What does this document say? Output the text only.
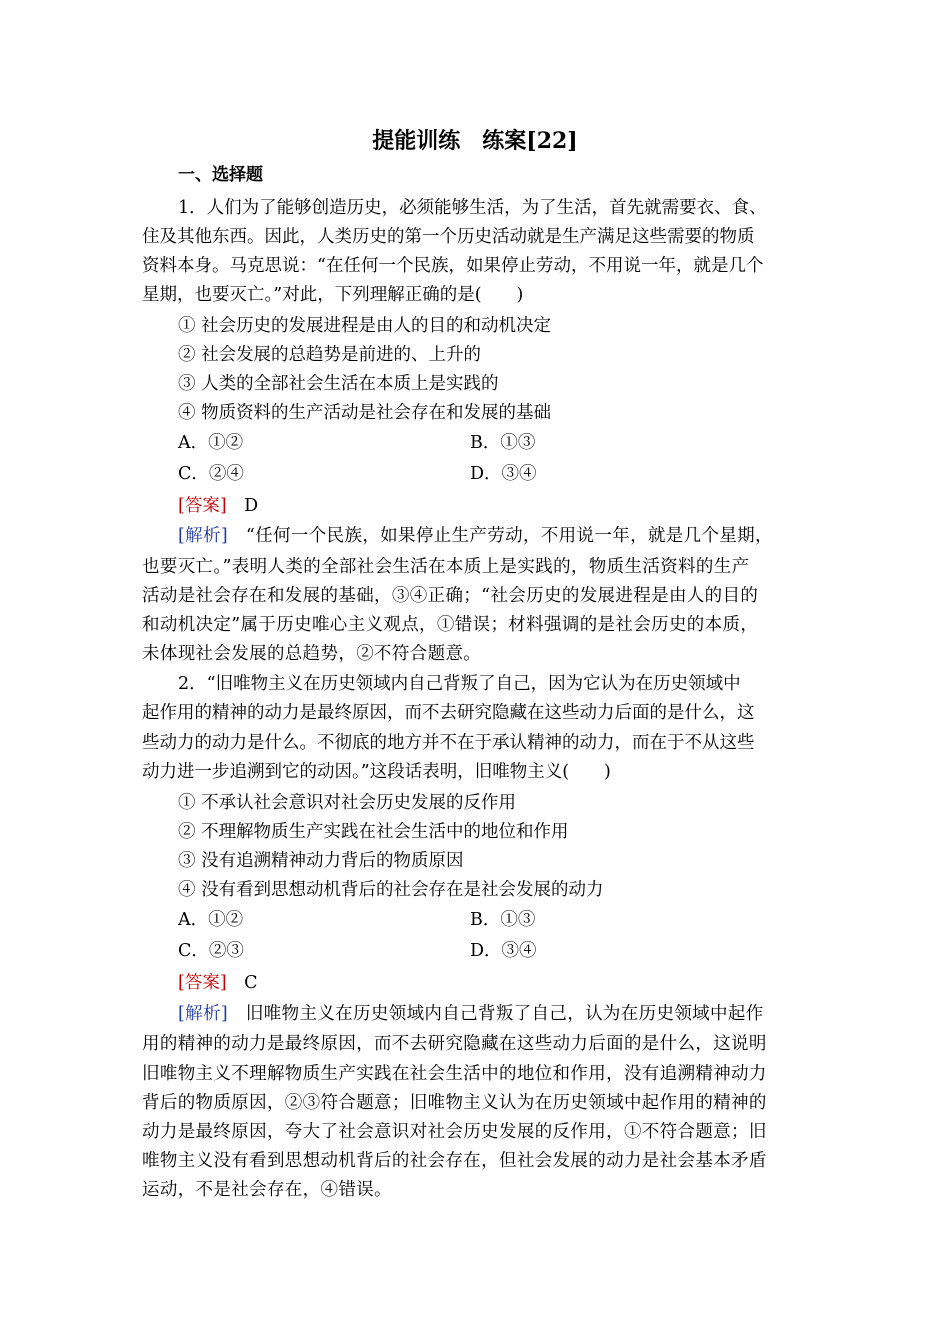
提能训练　练案[22]
一、选择题
1．人们为了能够创造历史，必须能够生活，为了生活，首先就需要衣、食、
住及其他东西。因此，人类历史的第一个历史活动就是生产满足这些需要的物质
资料本身。马克思说：“在任何一个民族，如果停止劳动，不用说一年，就是几个
星期，也要灭亡。”对此，下列理解正确的是(　　)
① 社会历史的发展进程是由人的目的和动机决定
② 社会发展的总趋势是前进的、上升的
③ 人类的全部社会生活在本质上是实践的
④ 物质资料的生产活动是社会存在和发展的基础
A．①②	B．①③
C．②④	D．③④
[答案]  D
[解析]  “任何一个民族，如果停止生产劳动，不用说一年，就是几个星期，
也要灭亡。”表明人类的全部社会生活在本质上是实践的，物质生活资料的生产
活动是社会存在和发展的基础，③④正确；“社会历史的发展进程是由人的目的
和动机决定”属于历史唯心主义观点，①错误；材料强调的是社会历史的本质，
未体现社会发展的总趋势，②不符合题意。
2．“旧唯物主义在历史领域内自己背叛了自己，因为它认为在历史领域中
起作用的精神的动力是最终原因，而不去研究隐藏在这些动力后面的是什么，这
些动力的动力是什么。不彻底的地方并不在于承认精神的动力，而在于不从这些
动力进一步追溯到它的动因。”这段话表明，旧唯物主义(　　)
① 不承认社会意识对社会历史发展的反作用
② 不理解物质生产实践在社会生活中的地位和作用
③ 没有追溯精神动力背后的物质原因
④ 没有看到思想动机背后的社会存在是社会发展的动力
A．①②	B．①③
C．②③	D．③④
[答案]  C
[解析]  旧唯物主义在历史领域内自己背叛了自己，认为在历史领域中起作
用的精神的动力是最终原因，而不去研究隐藏在这些动力后面的是什么，这说明
旧唯物主义不理解物质生产实践在社会生活中的地位和作用，没有追溯精神动力
背后的物质原因，②③符合题意；旧唯物主义认为在历史领域中起作用的精神的
动力是最终原因，夸大了社会意识对社会历史发展的反作用，①不符合题意；旧
唯物主义没有看到思想动机背后的社会存在，但社会发展的动力是社会基本矛盾
运动，不是社会存在，④错误。
